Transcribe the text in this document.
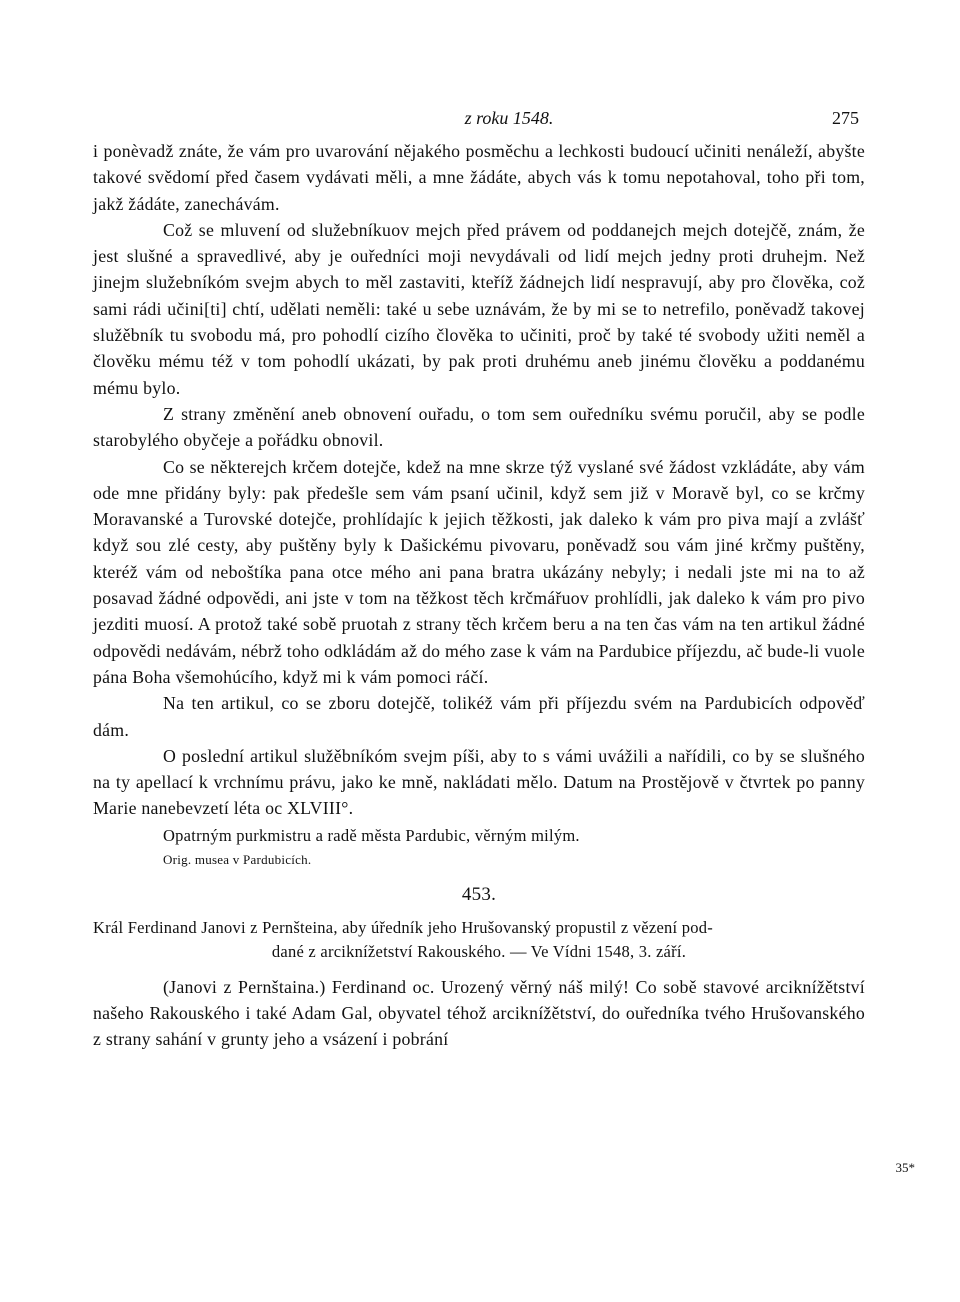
z roku 1548.	275

i ponèvadž znáte, že vám pro uvarování nějakého posměchu a lechkosti budoucí učiniti nenáleží, abyšte takové svědomí před časem vydávati měli, a mne žádáte, abych vás k tomu nepotahoval, toho při tom, jakž žádáte, zanechávám.

Což se mluvení od služebníkuov mejch před právem od poddanejch mejch dotejčě, znám, že jest slušné a spravedlivé, aby je ouředníci moji nevydávali od lidí mejch jedny proti druhejm. Než jinejm služebníkóm svejm abych to měl zastaviti, kteříž žádnejch lidí nespravují, aby pro člověka, což sami rádi učini[ti] chtí, udělati neměli: také u sebe uznávám, že by mi se to netrefilo, poněvadž takovej služěbník tu svobodu má, pro pohodlí cizího člověka to učiniti, proč by také té svobody užiti neměl a člověku mému též v tom pohodlí ukázati, by pak proti druhému aneb jinému člověku a poddanému mému bylo.

Z strany změnění aneb obnovení ouřadu, o tom sem ouředníku svému poručil, aby se podle starobylého obyčeje a pořádku obnovil.

Co se některejch krčem dotejče, kdež na mne skrze týž vyslané své žádost vzkládáte, aby vám ode mne přidány byly: pak předešle sem vám psaní učinil, když sem již v Moravě byl, co se krčmy Moravanské a Turovské dotejče, prohlídajíc k jejich těžkosti, jak daleko k vám pro piva mají a zvlášť když sou zlé cesty, aby puštěny byly k Dašickému pivovaru, poněvadž sou vám jiné krčmy puštěny, kteréž vám od neboštíka pana otce mého ani pana bratra ukázány nebyly; i nedali jste mi na to až posavad žádné odpovědi, ani jste v tom na těžkost těch krčmářuov prohlídli, jak daleko k vám pro pivo jezditi muosí. A protož také sobě pruotah z strany těch krčem beru a na ten čas vám na ten artikul žádné odpovědi nedávám, nébrž toho odkládám až do mého zase k vám na Pardubice příjezdu, ač bude-li vuole pána Boha všemohúcího, když mi k vám pomoci ráčí.

Na ten artikul, co se zboru dotejčě, tolikéž vám při příjezdu svém na Pardubicích odpověď dám.

O poslední artikul služěbníkóm svejm píši, aby to s vámi uvážili a nařídili, co by se slušného na ty apellací k vrchnímu právu, jako ke mně, nakládati mělo. Datum na Prostějově v čtvrtek po panny Marie nanebevzetí léta oc XLVIII°.

Opatrným purkmistru a radě města Pardubic, věrným milým.

Orig. musea v Pardubicích.

453.

Král Ferdinand Janovi z Pernšteina, aby úředník jeho Hrušovanský propustil z vězení pod-
dané z arciknížetství Rakouského. — Ve Vídni 1548, 3. září.

(Janovi z Pernštaina.) Ferdinand oc. Urozený věrný náš milý! Co sobě stavové arciknížětství našeho Rakouského i také Adam Gal, obyvatel téhož arciknížětství, do ouředníka tvého Hrušovanského z strany sahání v grunty jeho a vsázení i pobrání

35*
